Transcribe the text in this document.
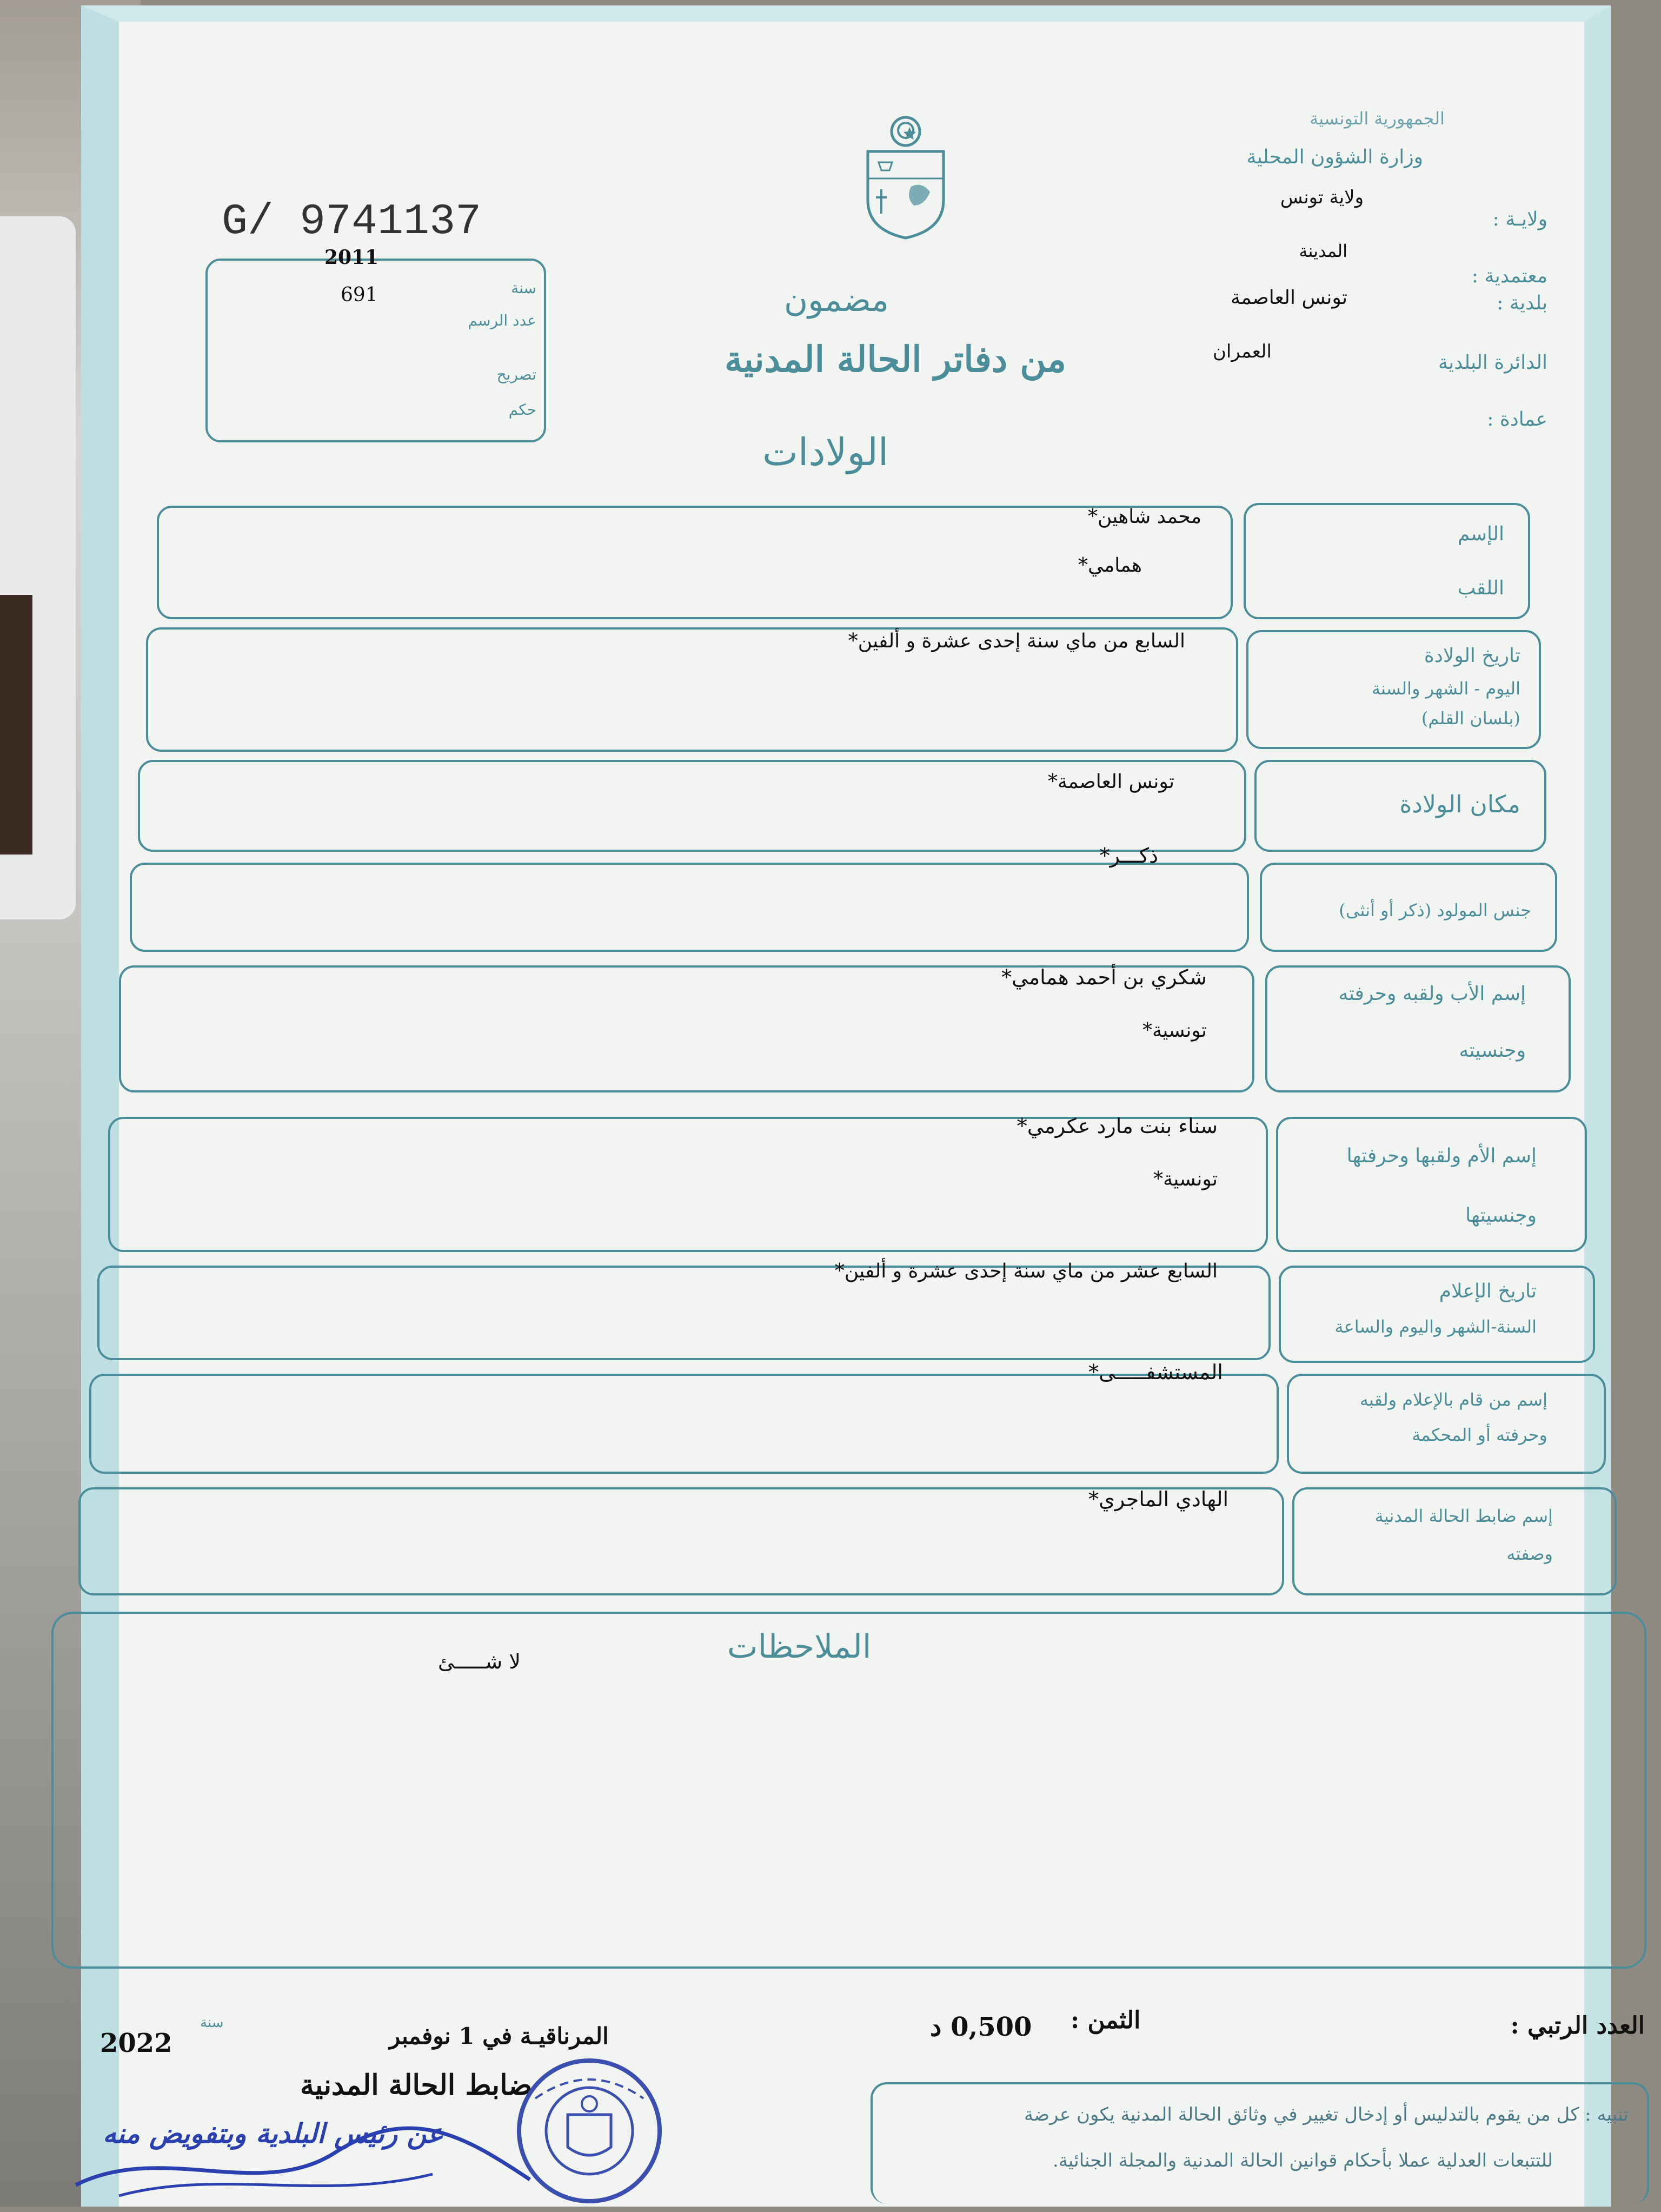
الجمهورية التونسية
وزارة الشؤون المحلية
ولايـة :
ولاية تونس
معتمدية :
المدينة
بلدية :
تونس العاصمة
الدائرة البلدية
العمران
عمادة :
مضمون
من دفاتر الحالة المدنية
الولادات
G/ 9741137
2011
691	سنة
عدد الرسم
تصريح
حكم
الإسم
اللقب
محمد شاهين*
همامي*
تاريخ الولادة
اليوم - الشهر والسنة
(بلسان القلم)
السابع من ماي سنة إحدى عشرة و ألفين*
مكان الولادة
تونس العاصمة*
جنس المولود (ذكر أو أنثى)
ذكـــر*
إسم الأب ولقبه وحرفته
وجنسيته
شكري بن أحمد همامي*
تونسية*
إسم الأم ولقبها وحرفتها
وجنسيتها
سناء بنت مارد عكرمي*
تونسية*
تاريخ الإعلام
السنة-الشهر واليوم والساعة
السابع عشر من ماي سنة إحدى عشرة و ألفين*
إسم من قام بالإعلام ولقبه
وحرفته أو المحكمة
المستشفـــــى*
إسم ضابط الحالة المدنية
وصفته
الهادي الماجري*
الملاحظات
لا شـــــئ
العدد الرتبي :
الثمن :
0,500 د
المرناقيـة في 1 نوفمبر
سنة
2022
ضابط الحالة المدنية
عن رئيس البلدية وبتفويض منه
تنبيه : كل من يقوم بالتدليس أو إدخال تغيير في وثائق الحالة المدنية يكون عرضة
للتتبعات العدلية عملا بأحكام قوانين الحالة المدنية والمجلة الجنائية.
